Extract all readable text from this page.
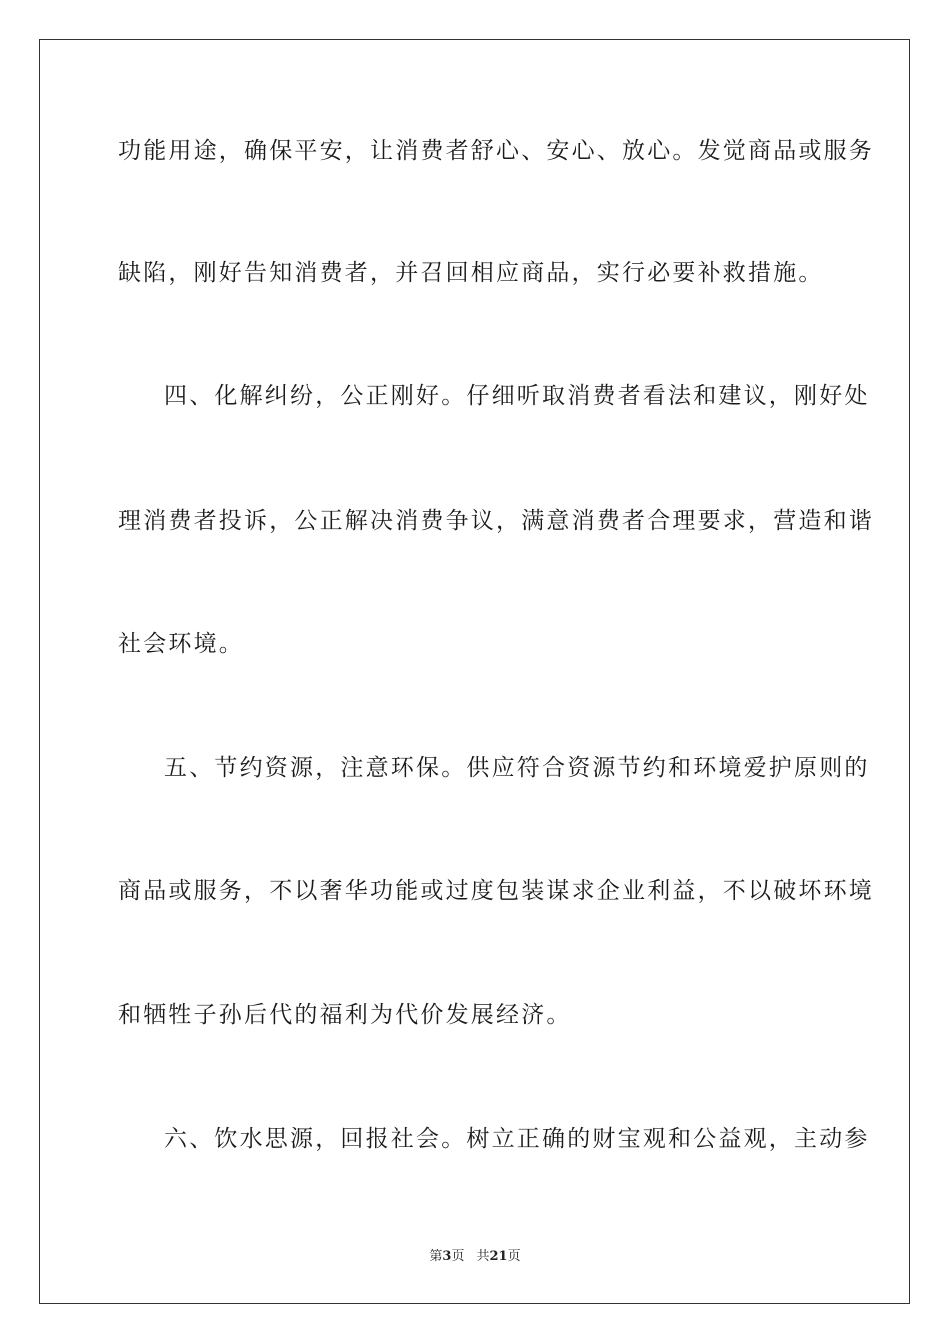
功能用途，确保平安，让消费者舒心、安心、放心。发觉商品或服务
缺陷，刚好告知消费者，并召回相应商品，实行必要补救措施。
四、化解纠纷，公正刚好。仔细听取消费者看法和建议，刚好处
理消费者投诉，公正解决消费争议，满意消费者合理要求，营造和谐
社会环境。
五、节约资源，注意环保。供应符合资源节约和环境爱护原则的
商品或服务，不以奢华功能或过度包装谋求企业利益，不以破坏环境
和牺牲子孙后代的福利为代价发展经济。
六、饮水思源，回报社会。树立正确的财宝观和公益观，主动参
第3页 共21页
